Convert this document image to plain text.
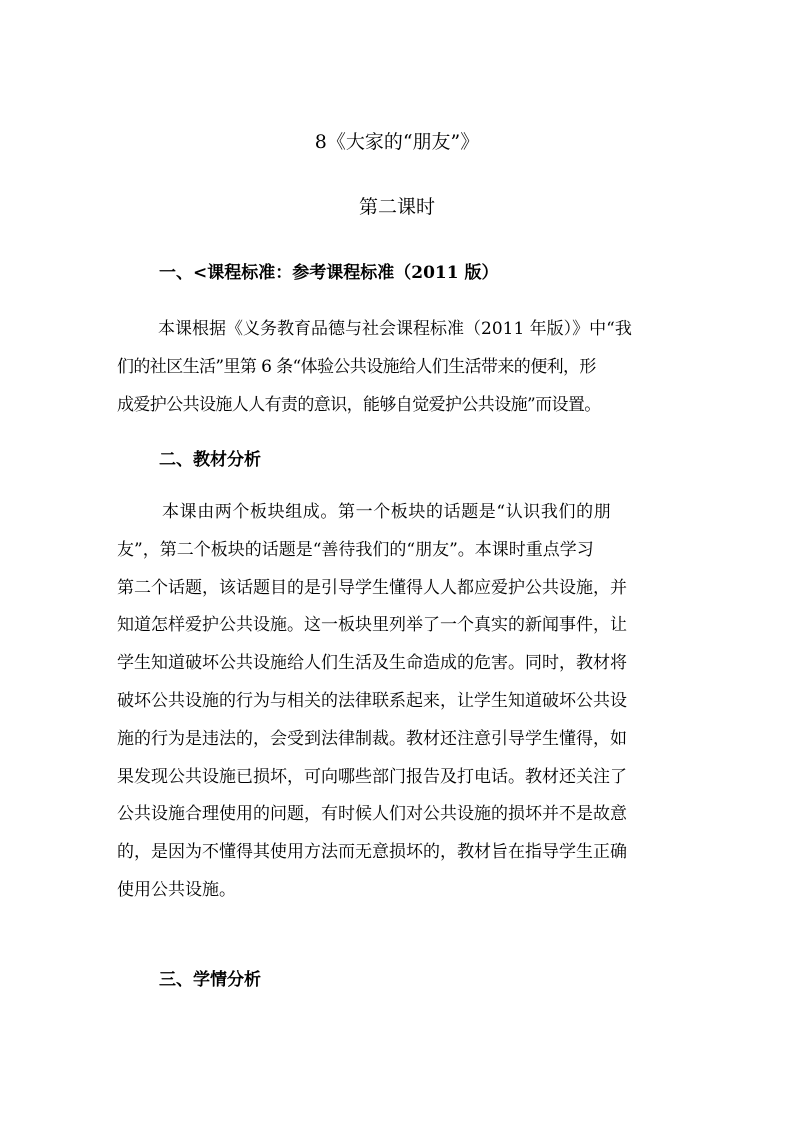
8《大家的“朋友”》
第二课时
一、<课程标准：参考课程标准（2011 版）
本课根据《义务教育品德与社会课程标准（2011 年版）》中“我
们的社区生活”里第 6 条“体验公共设施给人们生活带来的便利，形
成爱护公共设施人人有责的意识，能够自觉爱护公共设施”而设置。
二、教材分析
本课由两个板块组成。第一个板块的话题是“认识我们的朋
友”，第二个板块的话题是“善待我们的“朋友”。本课时重点学习
第二个话题，该话题目的是引导学生懂得人人都应爱护公共设施，并
知道怎样爱护公共设施。这一板块里列举了一个真实的新闻事件，让
学生知道破坏公共设施给人们生活及生命造成的危害。同时，教材将
破坏公共设施的行为与相关的法律联系起来，让学生知道破坏公共设
施的行为是违法的，会受到法律制裁。教材还注意引导学生懂得，如
果发现公共设施已损坏，可向哪些部门报告及打电话。教材还关注了
公共设施合理使用的问题，有时候人们对公共设施的损坏并不是故意
的，是因为不懂得其使用方法而无意损坏的，教材旨在指导学生正确
使用公共设施。
三、学情分析
